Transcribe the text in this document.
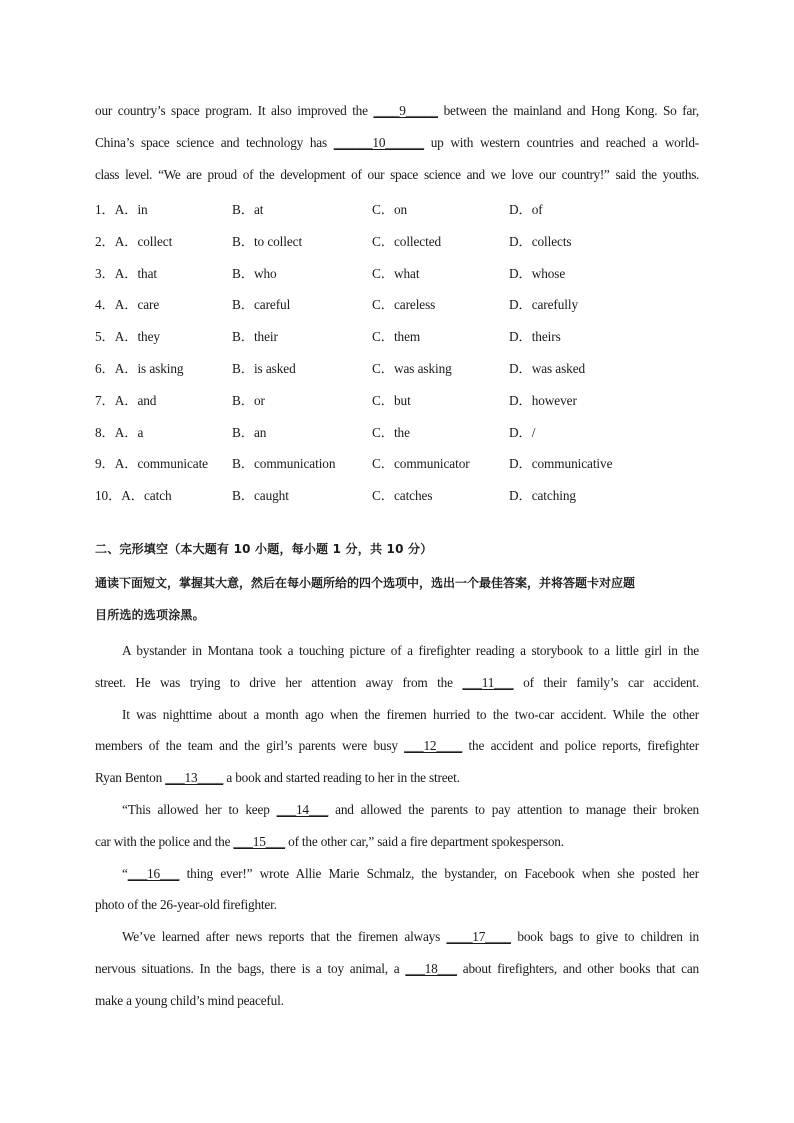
our country’s space program. It also improved the ____9_____ between the mainland and Hong Kong. So far,
China’s space science and technology has ______10______ up with western countries and reached a world-
class level. “We are proud of the development of our space science and we love our country!” said the youths.
1．A．in	B．at	C．on	D．of
2．A．collect	B．to collect	C．collected	D．collects
3．A．that	B．who	C．what	D．whose
4．A．care	B．careful	C．careless	D．carefully
5．A．they	B．their	C．them	D．theirs
6．A．is asking	B．is asked	C．was asking	D．was asked
7．A．and	B．or	C．but	D．however
8．A．a	B．an	C．the	D．/
9．A．communicate B．communication	C．communicator	D．communicative
10．A．catch	B．caught	C．catches	D．catching
二、完形填空（本大题有 10 小题，每小题 1 分，共 10 分）
通读下面短文，掌握其大意，然后在每小题所给的四个选项中，选出一个最佳答案，并将答题卡对应题
目所选的选项涂黑。
A bystander in Montana took a touching picture of a firefighter reading a storybook to a little girl in the
street. He was trying to drive her attention away from the ___11___ of their family’s car accident.
It was nighttime about a month ago when the firemen hurried to the two-car accident. While the other
members of the team and the girl’s parents were busy ___12____ the accident and police reports, firefighter
Ryan Benton ___13____ a book and started reading to her in the street.
“This allowed her to keep ___14___ and allowed the parents to pay attention to manage their broken
car with the police and the ___15___ of the other car,” said a fire department spokesperson.
“___16___ thing ever!” wrote Allie Marie Schmalz, the bystander, on Facebook when she posted her
photo of the 26-year-old firefighter.
We’ve learned after news reports that the firemen always ____17____ book bags to give to children in
nervous situations. In the bags, there is a toy animal, a ___18___ about firefighters, and other books that can
make a young child’s mind peaceful.
